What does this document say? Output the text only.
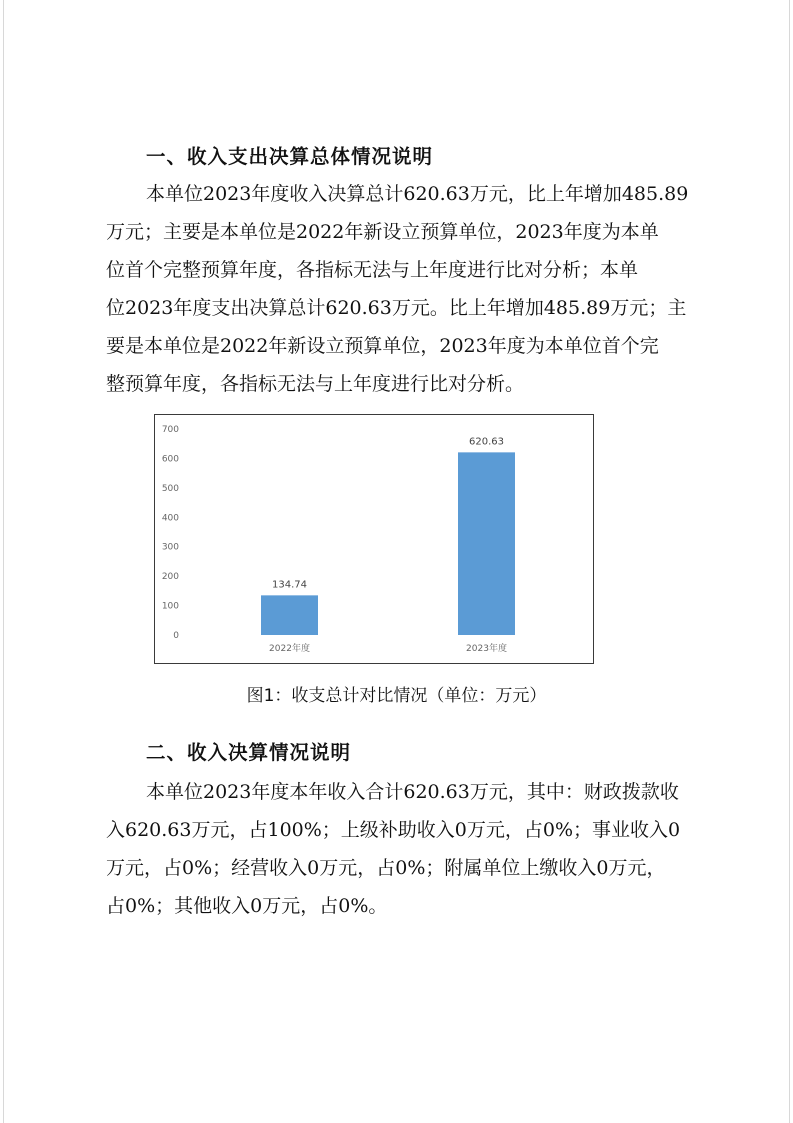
一、收入支出决算总体情况说明

本单位2023年度收入决算总计620.63万元，比上年增加485.89
万元；主要是本单位是2022年新设立预算单位，2023年度为本单
位首个完整预算年度，各指标无法与上年度进行比对分析；本单
位2023年度支出决算总计620.63万元。比上年增加485.89万元；主
要是本单位是2022年新设立预算单位，2023年度为本单位首个完
整预算年度，各指标无法与上年度进行比对分析。

0
100
200
300
400
500
600
700
134.74
2022年度
620.63
2023年度
图1：收支总计对比情况（单位：万元）
二、收入决算情况说明

本单位2023年度本年收入合计620.63万元，其中：财政拨款收
入620.63万元，占100%；上级补助收入0万元，占0%；事业收入0
万元，占0%；经营收入0万元，占0%；附属单位上缴收入0万元，
占0%；其他收入0万元，占0%。
